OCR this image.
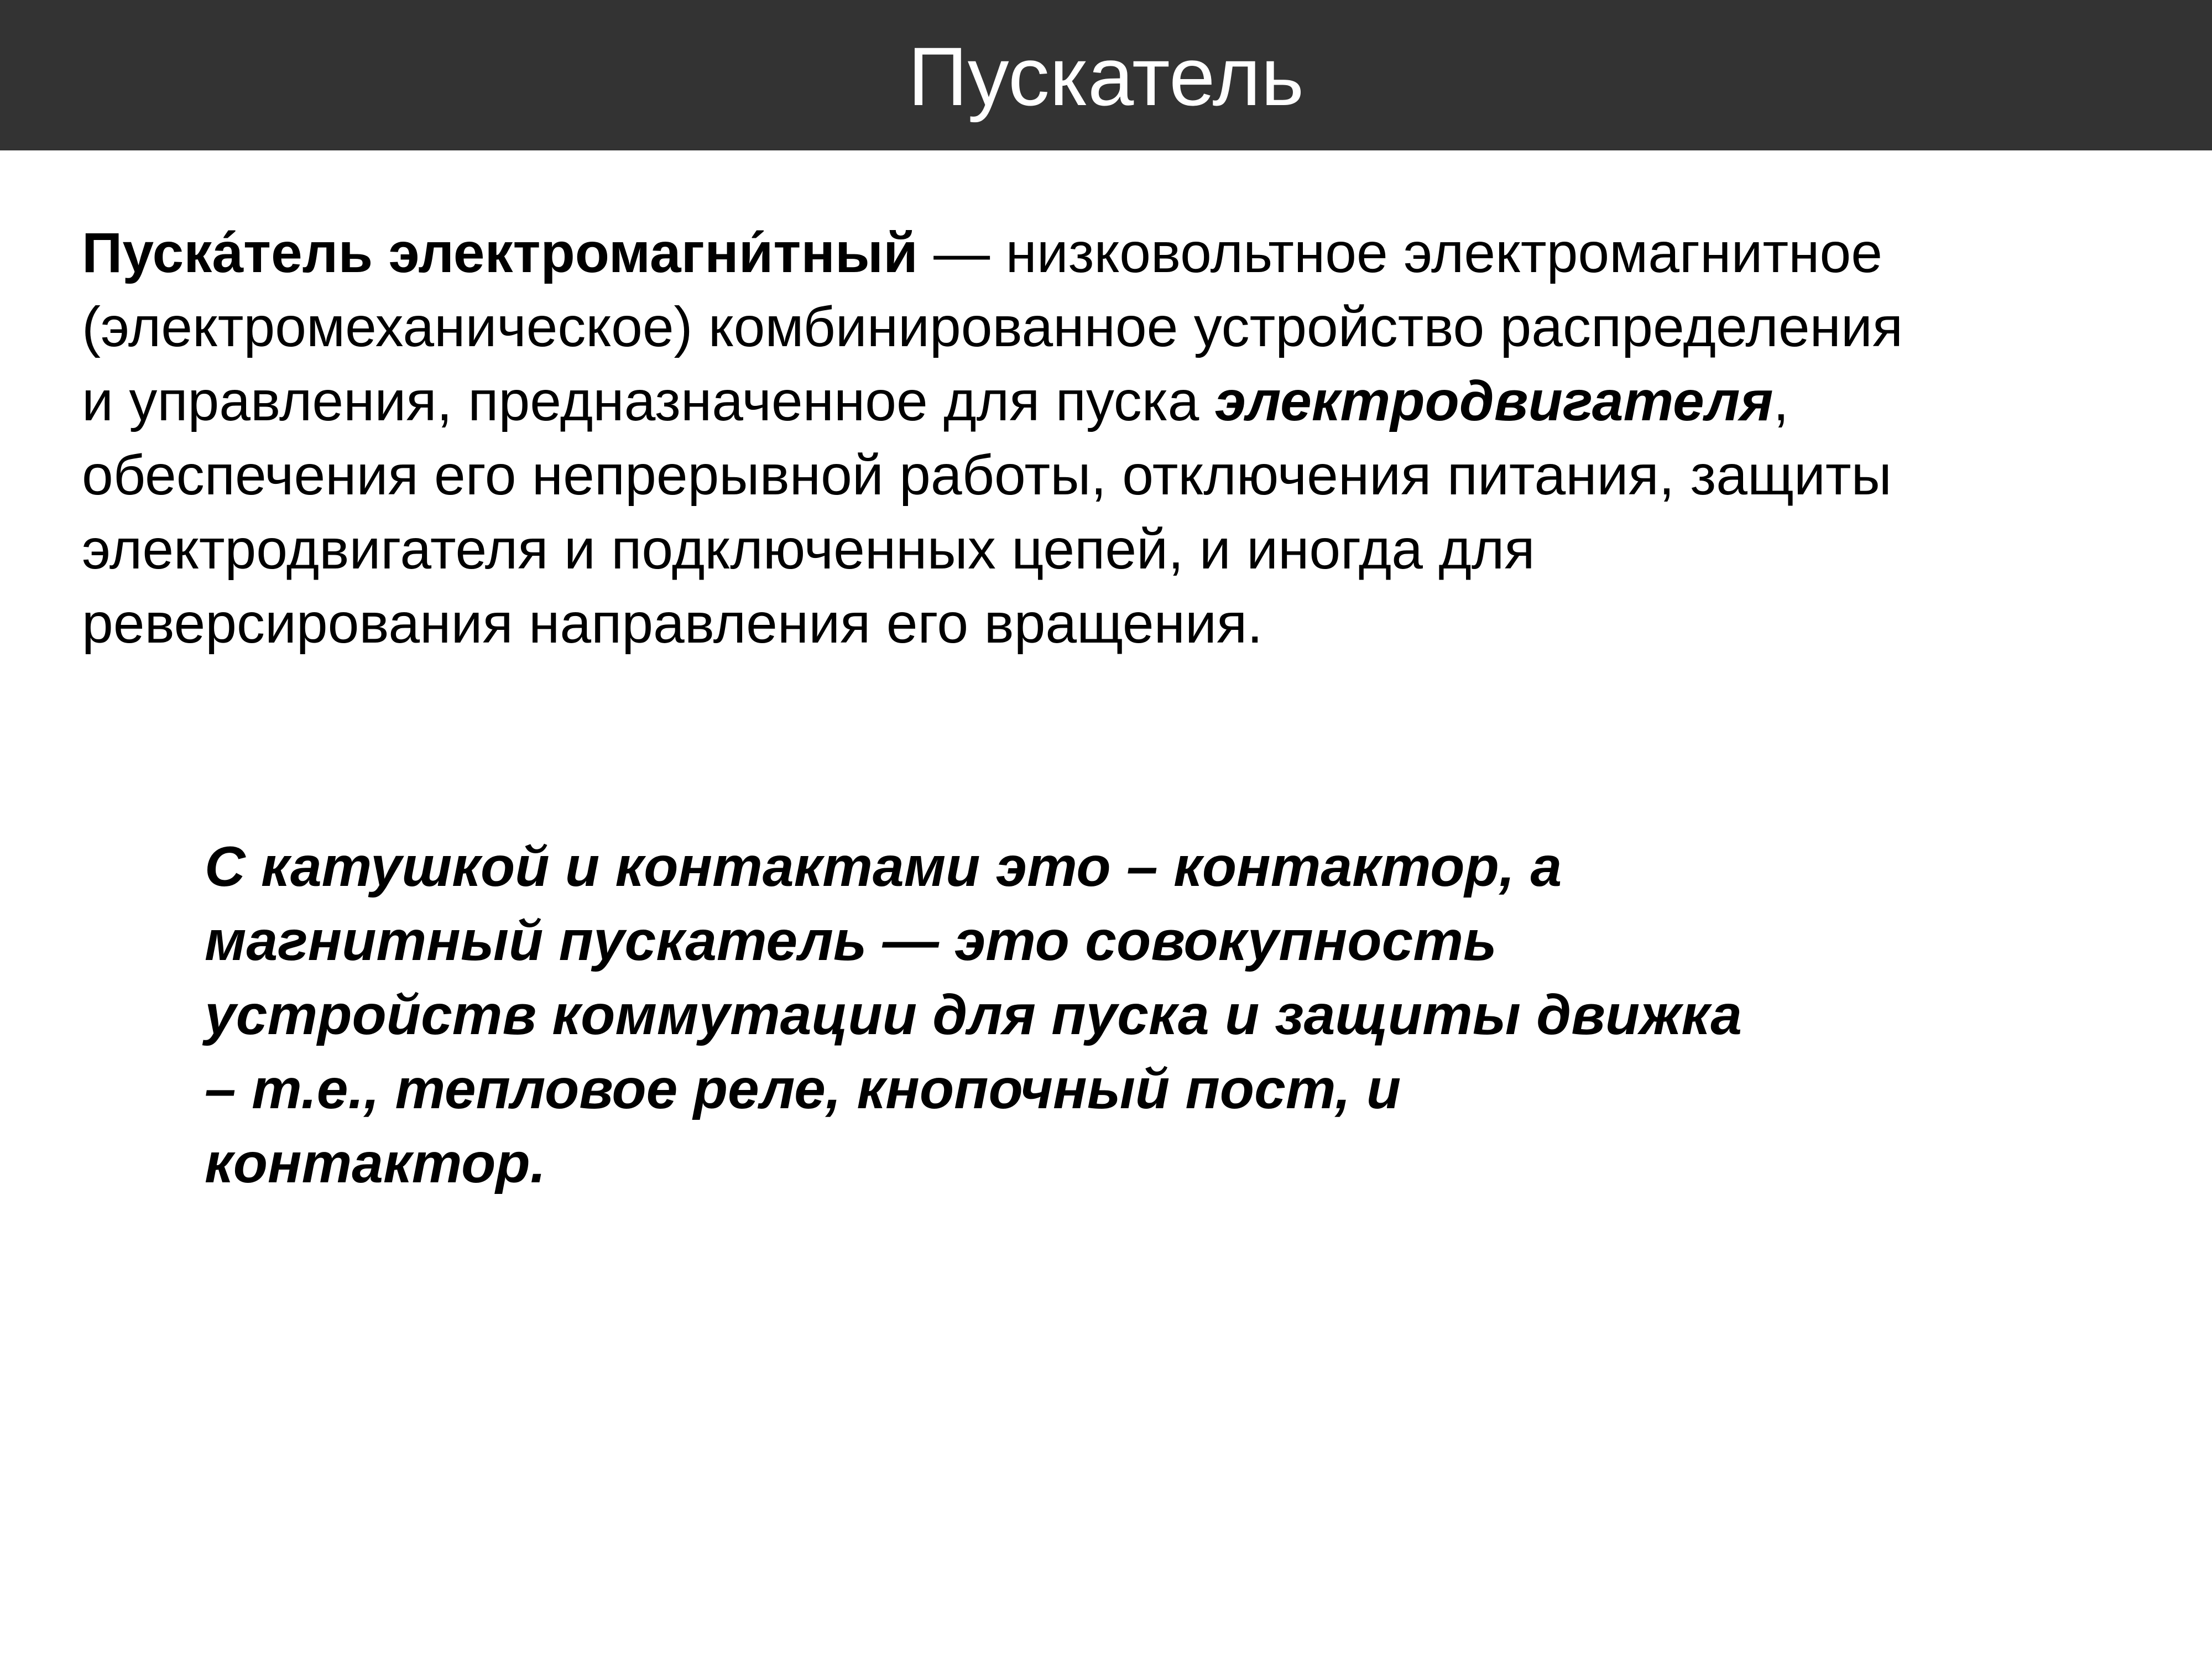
Пускатель

Пуска́тель электромагни́тный — низковольтное электромагнитное
(электромеханическое) комбинированное устройство распределения
и управления, предназначенное для пуска электродвигателя,
обеспечения его непрерывной работы, отключения питания, защиты
электродвигателя и подключенных цепей, и иногда для
реверсирования направления его вращения.

С катушкой и контактами это – контактор, а
магнитный пускатель — это совокупность
устройств коммутации для пуска и защиты движка
– т.е., тепловое реле, кнопочный пост, и
контактор.
